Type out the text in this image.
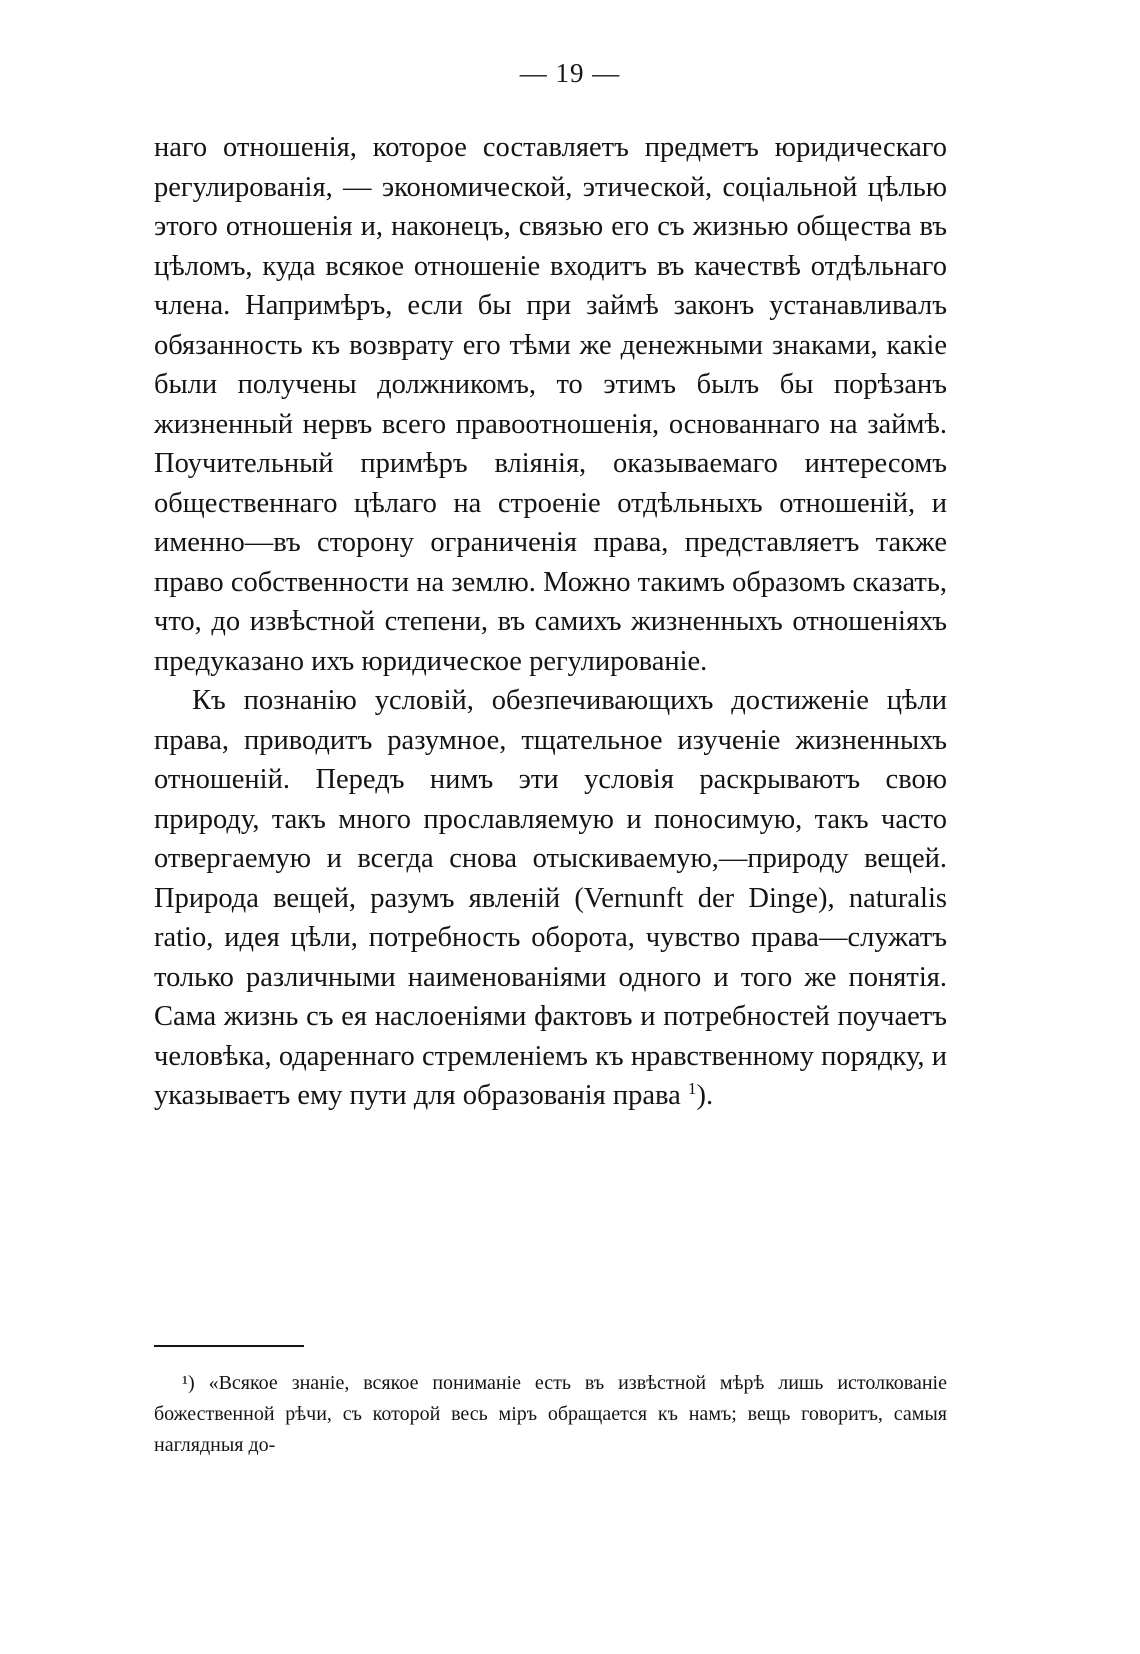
— 19 —

наго отношенія, которое составляетъ предметъ юридическаго регулированія, — экономической, этической, соціальной цѣлью этого отношенія и, наконецъ, связью его съ жизнью общества въ цѣломъ, куда всякое отношеніе входитъ въ качествѣ отдѣльнаго члена. Напримѣръ, если бы при займѣ законъ устанавливалъ обязанность къ возврату его тѣми же денежными знаками, какіе были получены должникомъ, то этимъ былъ бы порѣзанъ жизненный нервъ всего правоотношенія, основаннаго на займѣ. Поучительный примѣръ вліянія, оказываемаго интересомъ общественнаго цѣлаго на строеніе отдѣльныхъ отношеній, и именно—въ сторону ограниченія права, представляетъ также право собственности на землю. Можно такимъ образомъ сказать, что, до извѣстной степени, въ самихъ жизненныхъ отношеніяхъ предуказано ихъ юридическое регулированіе.

Къ познанію условій, обезпечивающихъ достиженіе цѣли права, приводитъ разумное, тщательное изученіе жизненныхъ отношеній. Передъ нимъ эти условія раскрываютъ свою природу, такъ много прославляемую и поносимую, такъ часто отвергаемую и всегда снова отыскиваемую,—природу вещей. Природа вещей, разумъ явленій (Vernunft der Dinge), naturalis ratio, идея цѣли, потребность оборота, чувство права—служатъ только различными наименованіями одного и того же понятія. Сама жизнь съ ея наслоеніями фактовъ и потребностей поучаетъ человѣка, одареннаго стремленіемъ къ нравственному порядку, и указываетъ ему пути для образованія права $^1$).

¹) «Всякое знаніе, всякое пониманіе есть въ извѣстной мѣрѣ лишь истолкованіе божественной рѣчи, съ которой весь міръ обращается къ намъ; вещь говоритъ, самыя наглядныя до-
